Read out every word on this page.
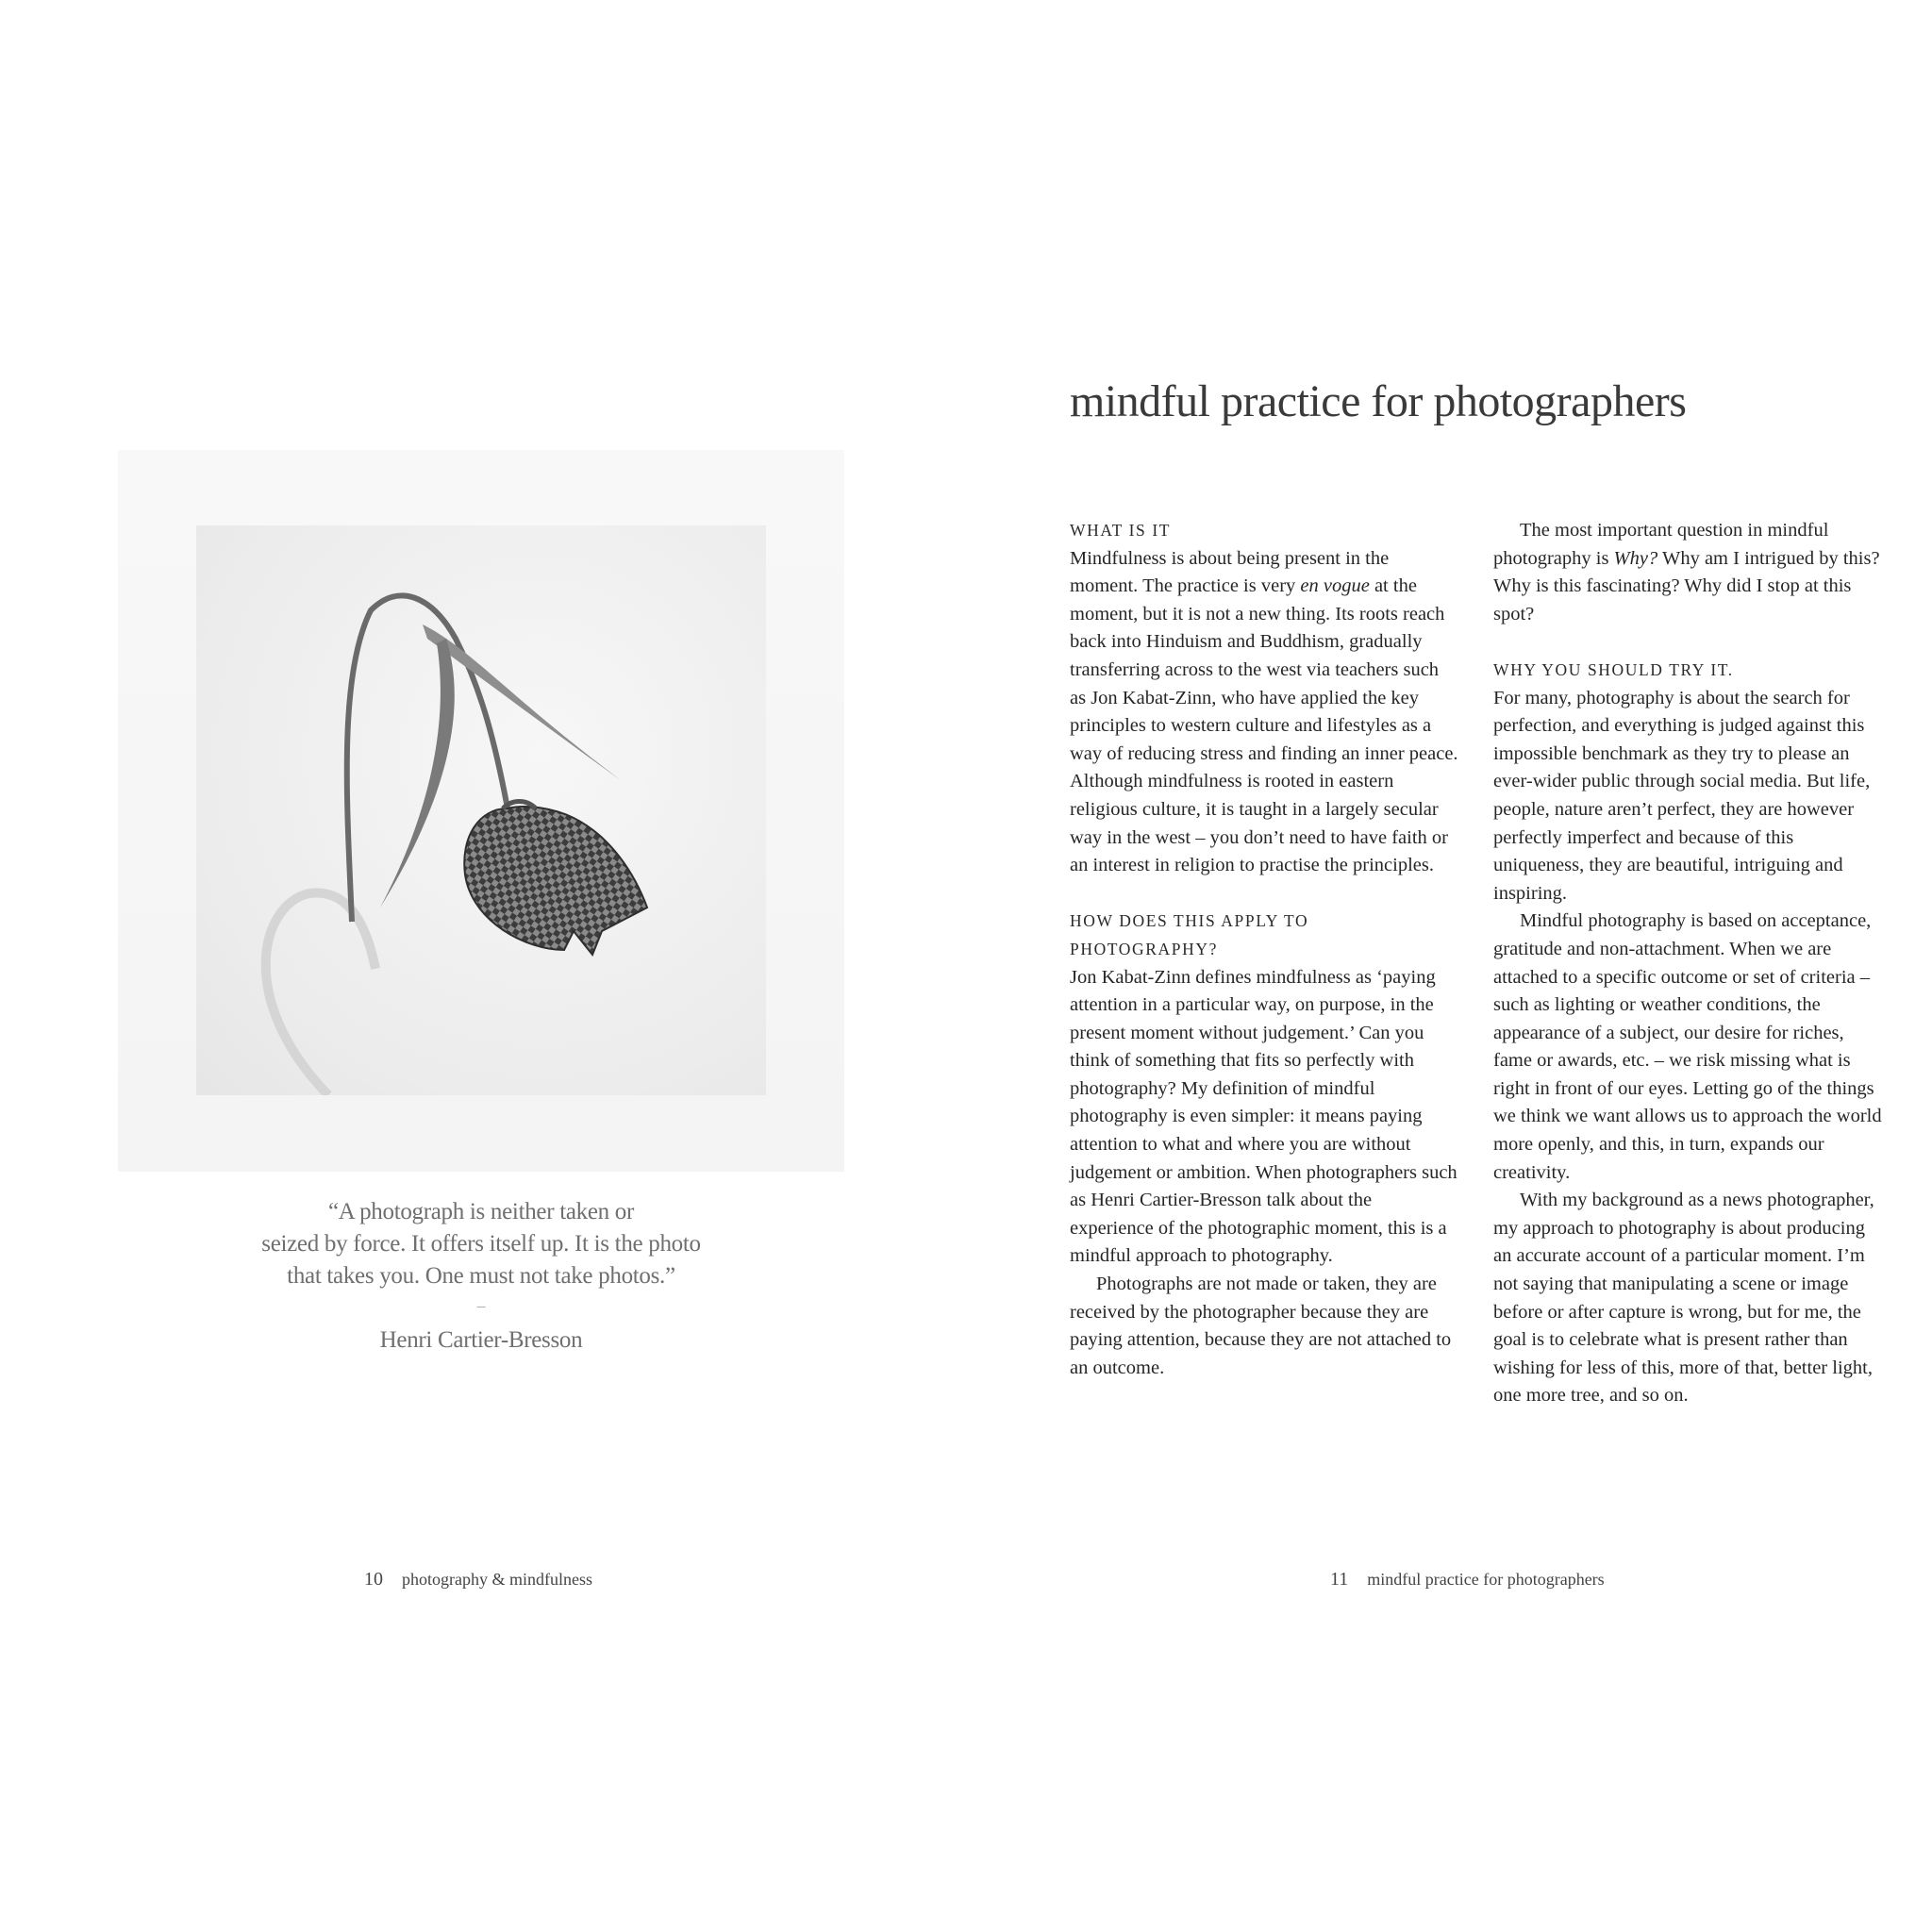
“A photograph is neither taken or
seized by force. It offers itself up. It is the photo
that takes you. One must not take photos.”
–
Henri Cartier-Bresson
10 photography & mindfulness
mindful practice for photographers
WHAT IS IT

Mindfulness is about being present in the moment. The practice is very en vogue at the moment, but it is not a new thing. Its roots reach back into Hinduism and Buddhism, gradually transferring across to the west via teachers such as Jon Kabat-Zinn, who have applied the key principles to western culture and lifestyles as a way of reducing stress and finding an inner peace. Although mindfulness is rooted in eastern religious culture, it is taught in a largely secular way in the west – you don’t need to have faith or an interest in religion to practise the principles.

HOW DOES THIS APPLY TO PHOTOGRAPHY?

Jon Kabat-Zinn defines mindfulness as ‘paying attention in a particular way, on purpose, in the present moment without judgement.’ Can you think of something that fits so perfectly with photography? My definition of mindful photography is even simpler: it means paying attention to what and where you are without judgement or ambition. When photographers such as Henri Cartier-Bresson talk about the experience of the photographic moment, this is a mindful approach to photography.

Photographs are not made or taken, they are received by the photographer because they are paying attention, because they are not attached to an outcome.

The most important question in mindful photography is Why? Why am I intrigued by this? Why is this fascinating? Why did I stop at this spot?

WHY YOU SHOULD TRY IT.

For many, photography is about the search for perfection, and everything is judged against this impossible benchmark as they try to please an ever-wider public through social media. But life, people, nature aren’t perfect, they are however perfectly imperfect and because of this uniqueness, they are beautiful, intriguing and inspiring.

Mindful photography is based on acceptance, gratitude and non-attachment. When we are attached to a specific outcome or set of criteria – such as lighting or weather conditions, the appearance of a subject, our desire for riches, fame or awards, etc. – we risk missing what is right in front of our eyes. Letting go of the things we think we want allows us to approach the world more openly, and this, in turn, expands our creativity.

With my background as a news photographer, my approach to photography is about producing an accurate account of a particular moment. I’m not saying that manipulating a scene or image before or after capture is wrong, but for me, the goal is to celebrate what is present rather than wishing for less of this, more of that, better light, one more tree, and so on.

11 mindful practice for photographers
